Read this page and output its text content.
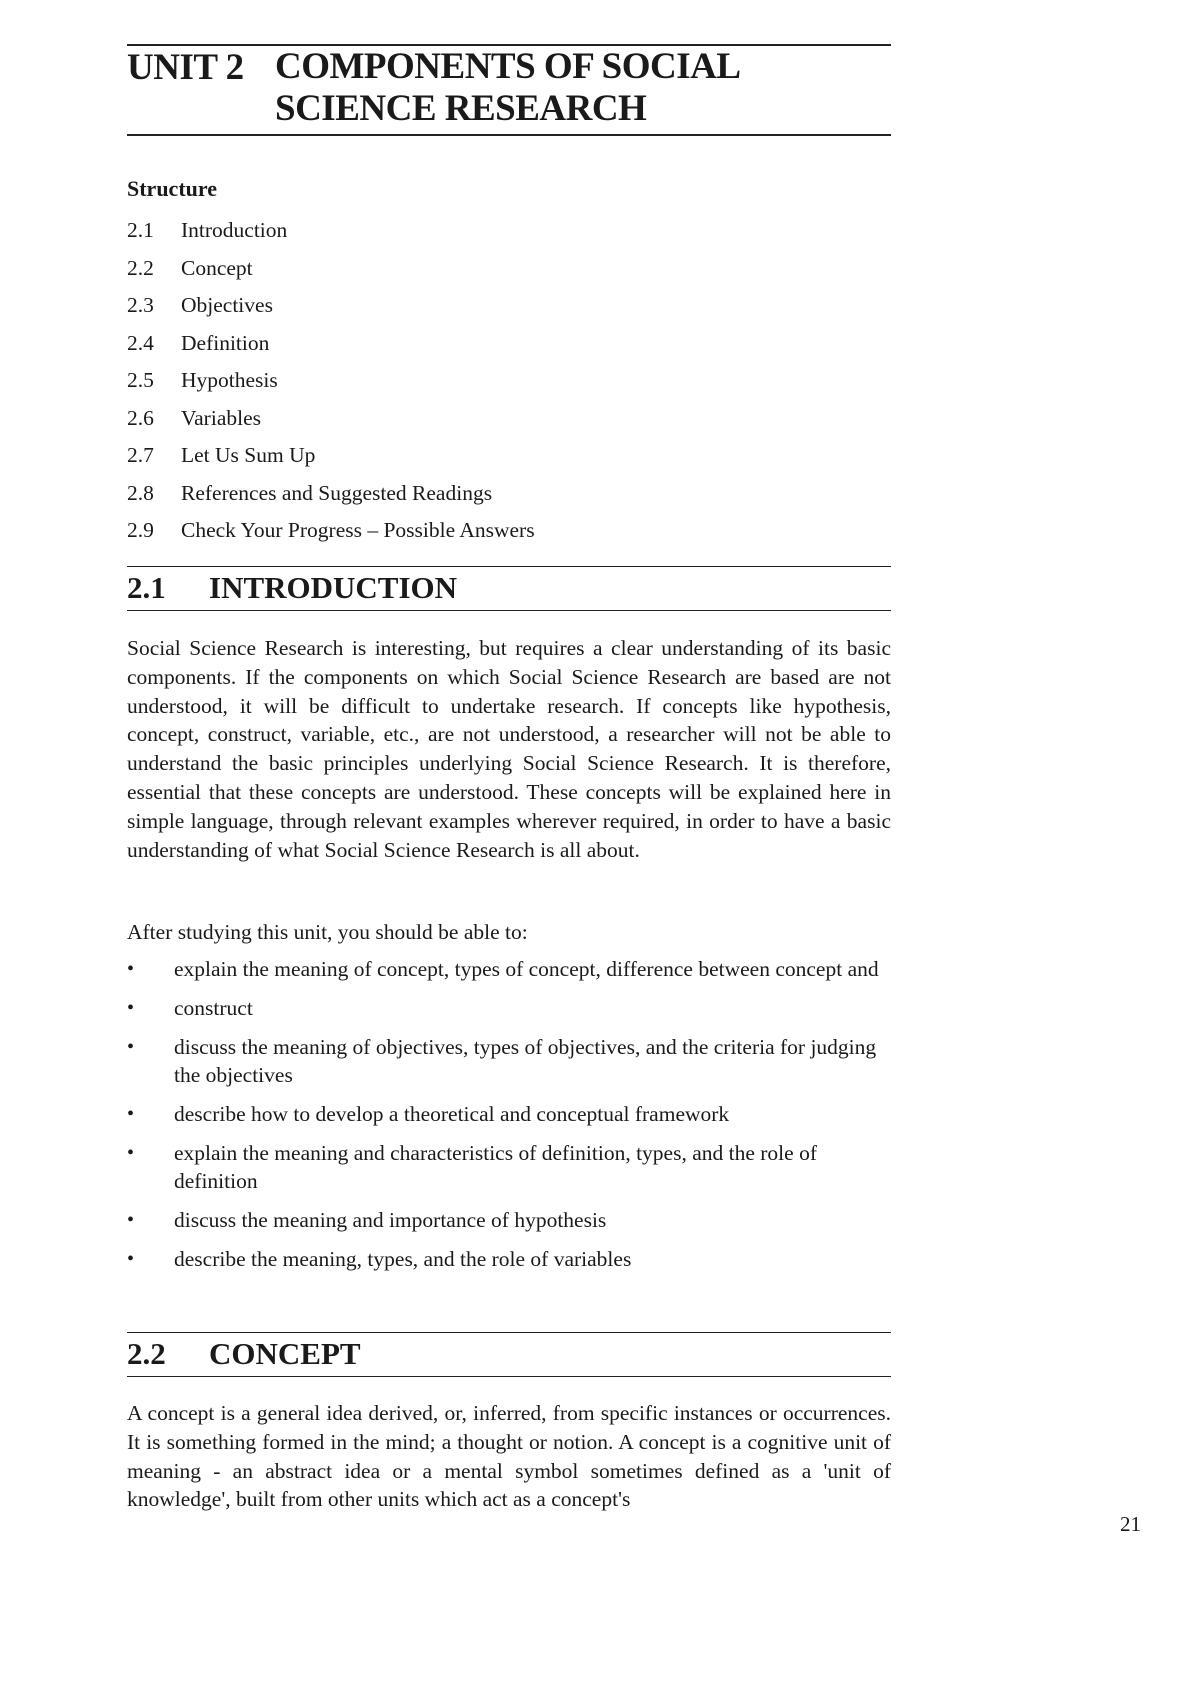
UNIT 2 COMPONENTS OF SOCIAL
SCIENCE RESEARCH
Structure
2.1	Introduction
2.2	Concept
2.3	Objectives
2.4	Definition
2.5	Hypothesis
2.6	Variables
2.7	Let Us Sum Up
2.8	References and Suggested Readings
2.9	Check Your Progress – Possible Answers
2.1	INTRODUCTION

Social Science Research is interesting, but requires a clear understanding of its basic components. If the components on which Social Science Research are based are not understood, it will be difficult to undertake research. If concepts like hypothesis, concept, construct, variable, etc., are not understood, a researcher will not be able to understand the basic principles underlying Social Science Research. It is therefore, essential that these concepts are understood. These concepts will be explained here in simple language, through relevant examples wherever required, in order to have a basic understanding of what Social Science Research is all about.

After studying this unit, you should be able to:

• explain the meaning of concept, types of concept, difference between concept and
• construct
• discuss the meaning of objectives, types of objectives, and the criteria for judging the objectives
• describe how to develop a theoretical and conceptual framework
• explain the meaning and characteristics of definition, types, and the role of definition
• discuss the meaning and importance of hypothesis
• describe the meaning, types, and the role of variables
2.2	CONCEPT

A concept is a general idea derived, or, inferred, from specific instances or occurrences. It is something formed in the mind; a thought or notion. A concept is a cognitive unit of meaning - an abstract idea or a mental symbol sometimes defined as a 'unit of knowledge', built from other units which act as a concept's

21
